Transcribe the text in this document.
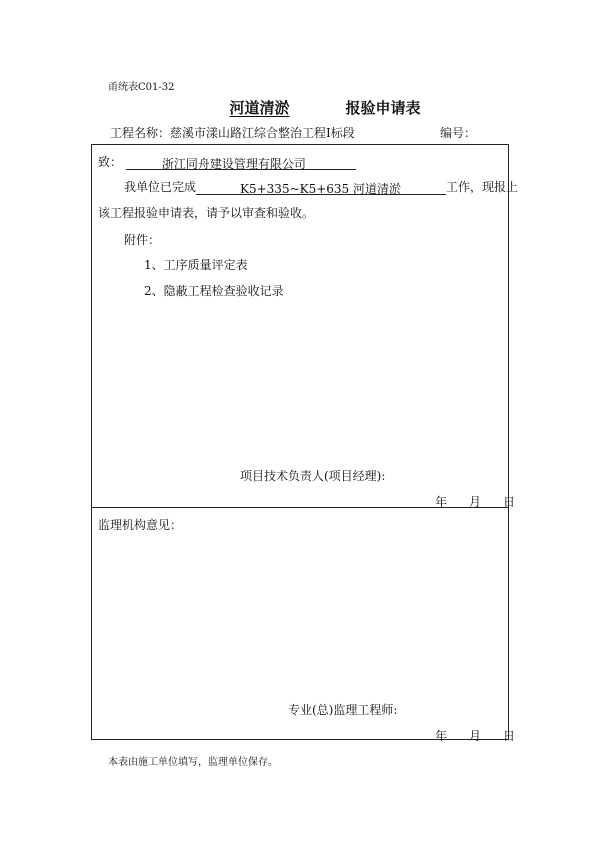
甬统表C01-32
河道清淤	报验申请表
工程名称：慈溪市漾山路江综合整治工程Ⅰ标段	编号：
致：	浙江同舟建设管理有限公司
我单位已完成	K5+335~K5+635 河道清淤	工作，现报上
该工程报验申请表，请予以审查和验收。
附件：
1、工序质量评定表
2、隐蔽工程检查验收记录
项目技术负责人(项目经理):
年 月 日
监理机构意见：
专业(总)监理工程师:
年 月 日
本表由施工单位填写，监理单位保存。
